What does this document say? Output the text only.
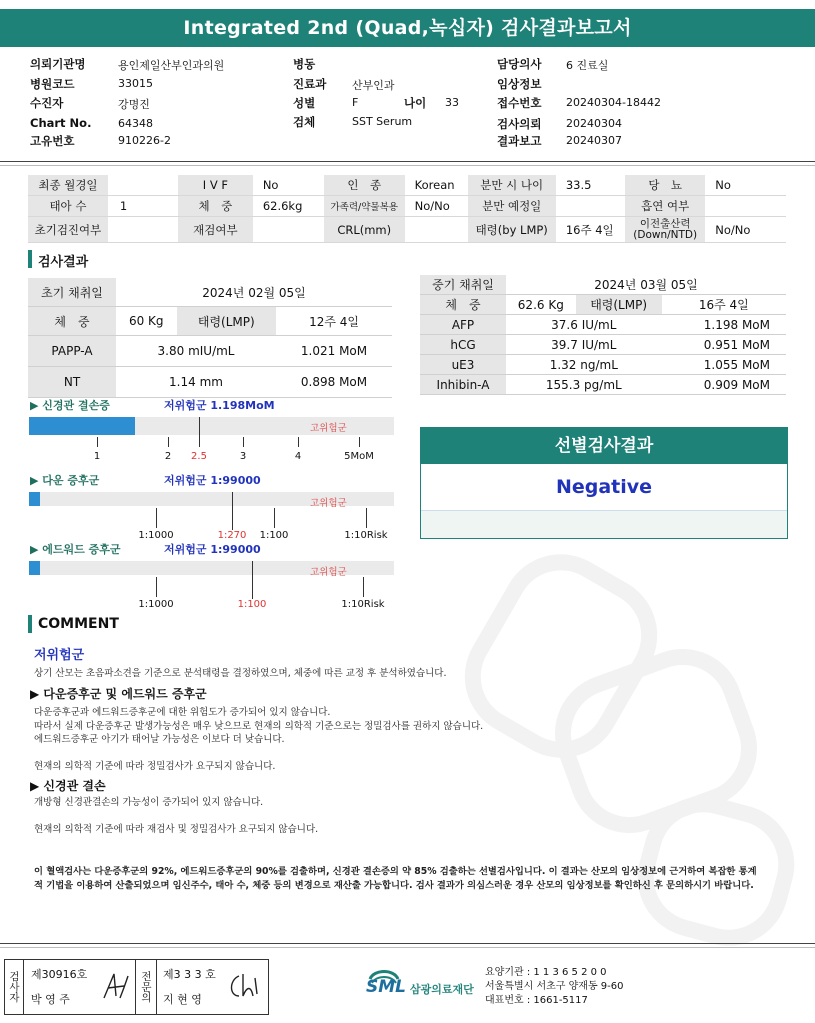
Integrated 2nd (Quad,녹십자) 검사결과보고서
의뢰기관명	용인제일산부인과의원
병원코드	33015
수진자	강명진
Chart No. 64348
고유번호	910226-2
병동
진료과 산부인과
성별	F
검체	SST Serum
나이 33
담당의사 6 진료실
임상정보
접수번호 20240304-18442
검사의뢰 20240304
결과보고 20240307
최종 월경일		I V F	No	인　종	Korean	분만 시 나이	33.5	당　뇨	No
태아 수	1	체　중	62.6kg	가족력/약물복용	No/No	분만 예정일		흡연 여부	
초기검진여부		재검여부		CRL(mm)		태령(by LMP)	16주 4일	이전출산력
(Down/NTD)	No/No
검사결과
초기 채취일	2024년 02월 05일		
체　중	60 Kg	태령(LMP)	12주 4일
PAPP-A	3.80 mIU/mL		1.021 MoM
NT	1.14 mm		0.898 MoM
중기 채취일	2024년 03월 05일		
체　중	62.6 Kg	태령(LMP)	16주 4일
AFP	37.6 IU/mL		1.198 MoM
hCG	39.7 IU/mL		0.951 MoM
uE3	1.32 ng/mL		1.055 MoM
Inhibin-A	155.3 pg/mL		0.909 MoM
▶ 신경관 결손증	저위험군 1.198MoM
고위험군
1	2 2.5	3	4	5MoM
▶ 다운 증후군	저위험군 1:99000
고위험군
1:1000	1:270 1:100	1:10Risk
▶ 에드워드 증후군	저위험군 1:99000
고위험군
1:1000	1:100	1:10Risk
선별검사결과
Negative
COMMENT
저위험군
상기 산모는 초음파소견을 기준으로 분석태령을 결정하였으며, 체중에 따른 교정 후 분석하였습니다.
▶ 다운증후군 및 에드워드 증후군
다운증후군과 에드워드증후군에 대한 위험도가 증가되어 있지 않습니다.
따라서 실제 다운증후군 발생가능성은 매우 낮으므로 현재의 의학적 기준으로는 정밀검사를 권하지 않습니다.
에드워드증후군 아기가 태어날 가능성은 이보다 더 낮습니다.

현재의 의학적 기준에 따라 정밀검사가 요구되지 않습니다.
▶ 신경관 결손
개방형 신경관결손의 가능성이 증가되어 있지 않습니다.

현재의 의학적 기준에 따라 재검사 및 정밀검사가 요구되지 않습니다.
이 혈액검사는 다운증후군의 92%, 에드워드증후군의 90%를 검출하며, 신경관 결손증의 약 85% 검출하는 선별검사입니다. 이 결과는 산모의 임상정보에 근거하여 복잡한 통계
적 기법을 이용하여 산출되었으며 임신주수, 태아 수, 체중 등의 변경으로 재산출 가능합니다. 검사 결과가 의심스러운 경우 산모의 임상정보를 확인하신 후 문의하시기 바랍니다.
검사자	제30916호
박 영 주	전문의	제3 3 3 호
지 현 영
SML 삼광의료재단
요양기관 : 1 1 3 6 5 2 0 0
서울특별시 서초구 양재동 9-60
대표번호 : 1661-5117
